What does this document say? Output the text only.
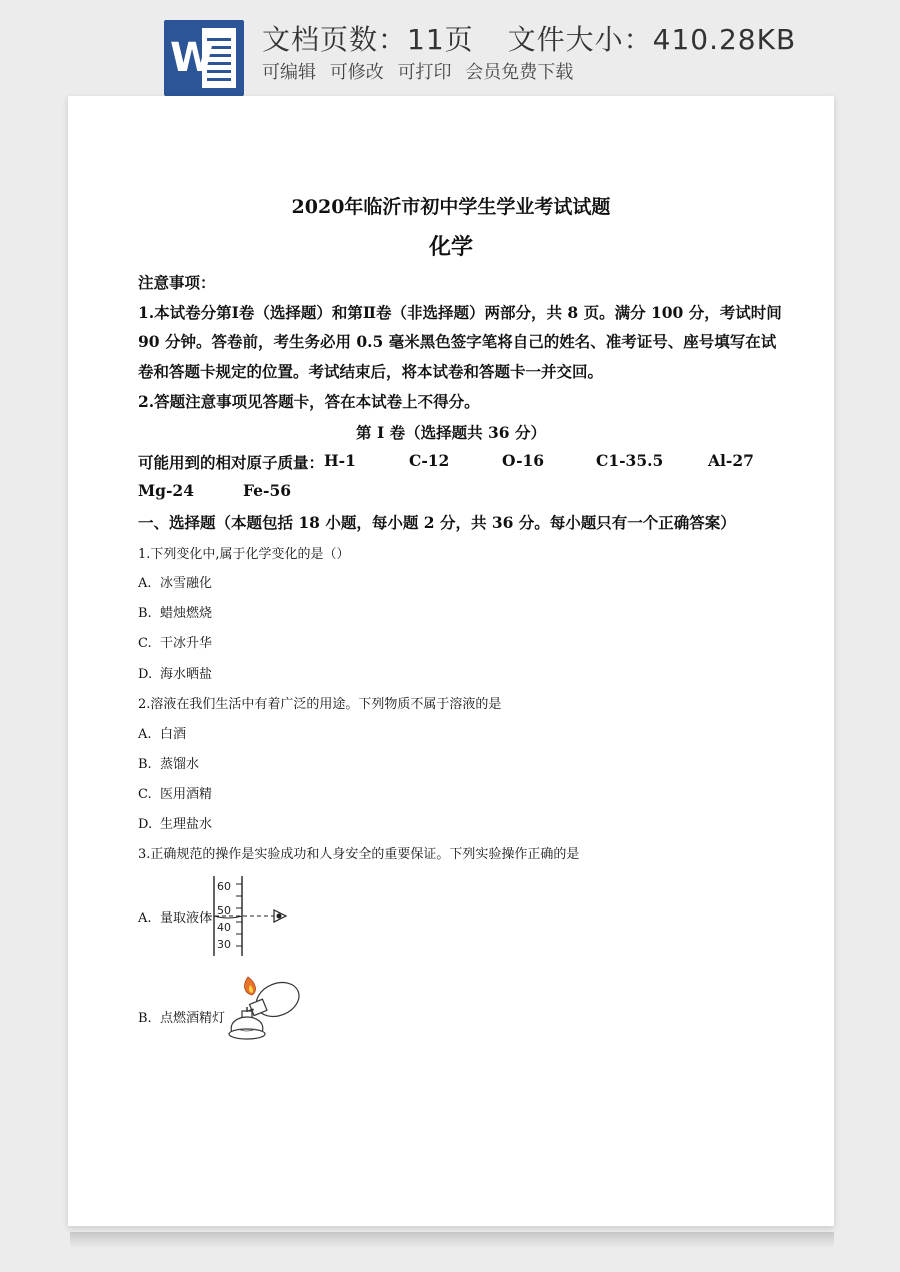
W 文档页数：11页 文件大小：410.28KB
可编辑 可修改 可打印 会员免费下载
2020年临沂市初中学生学业考试试题
化学
注意事项：
1.本试卷分第Ⅰ卷（选择题）和第Ⅱ卷（非选择题）两部分，共 8 页。满分 100 分，考试时间
90 分钟。答卷前，考生务必用 0.5 毫米黑色签字笔将自己的姓名、准考证号、座号填写在试
卷和答题卡规定的位置。考试结束后，将本试卷和答题卡一并交回。
2.答题注意事项见答题卡，答在本试卷上不得分。
第 I 卷（选择题共 36 分）
可能用到的相对原子质量： H-1	C-12	O-16	C1-35.5	Al-27
Mg-24	Fe-56
一、选择题（本题包括 18 小题，每小题 2 分，共 36 分。每小题只有一个正确答案）
1.下列变化中,属于化学变化的是（）
A. 冰雪融化
B. 蜡烛燃烧
C. 干冰升华
D. 海水晒盐
2.溶液在我们生活中有着广泛的用途。下列物质不属于溶液的是
A. 白酒
B. 蒸馏水
C. 医用酒精
D. 生理盐水
3.正确规范的操作是实验成功和人身安全的重要保证。下列实验操作正确的是
A. 量取液体
60
50
40
30
B. 点燃酒精灯
